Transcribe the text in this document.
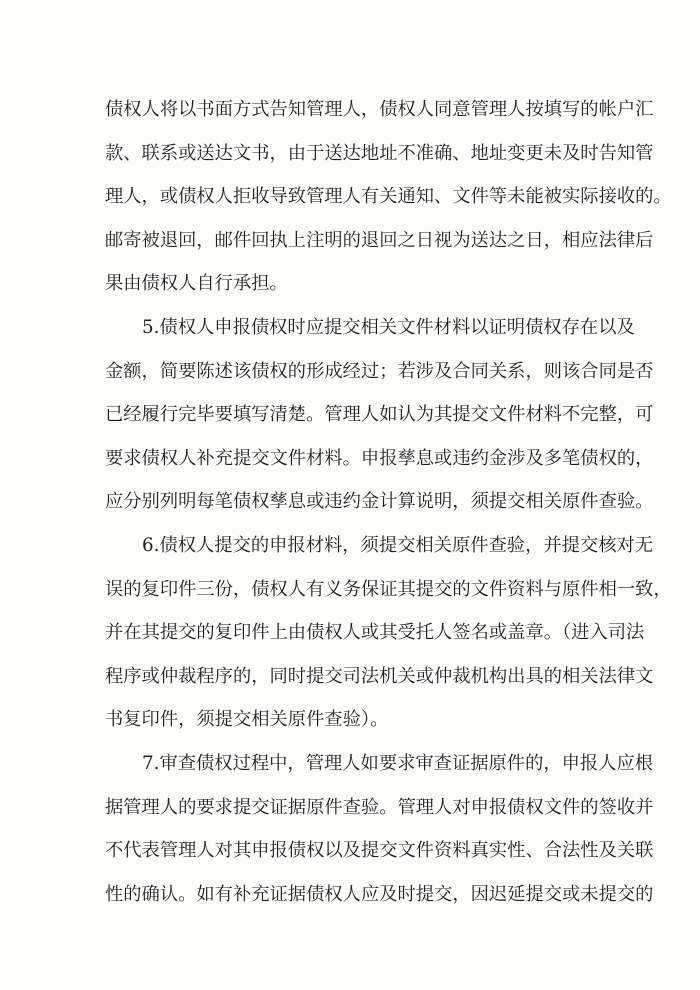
债权人将以书面方式告知管理人，债权人同意管理人按填写的帐户汇
款、联系或送达文书，由于送达地址不准确、地址变更未及时告知管
理人，或债权人拒收导致管理人有关通知、文件等未能被实际接收的。
邮寄被退回，邮件回执上注明的退回之日视为送达之日，相应法律后
果由债权人自行承担。
5.债权人申报债权时应提交相关文件材料以证明债权存在以及
金额，简要陈述该债权的形成经过；若涉及合同关系，则该合同是否
已经履行完毕要填写清楚。管理人如认为其提交文件材料不完整，可
要求债权人补充提交文件材料。申报孳息或违约金涉及多笔债权的，
应分别列明每笔债权孳息或违约金计算说明，须提交相关原件查验。
6.债权人提交的申报材料，须提交相关原件查验，并提交核对无
误的复印件三份，债权人有义务保证其提交的文件资料与原件相一致，
并在其提交的复印件上由债权人或其受托人签名或盖章。（进入司法
程序或仲裁程序的，同时提交司法机关或仲裁机构出具的相关法律文
书复印件，须提交相关原件查验）。
7.审查债权过程中，管理人如要求审查证据原件的，申报人应根
据管理人的要求提交证据原件查验。管理人对申报债权文件的签收并
不代表管理人对其申报债权以及提交文件资料真实性、合法性及关联
性的确认。如有补充证据债权人应及时提交，因迟延提交或未提交的
